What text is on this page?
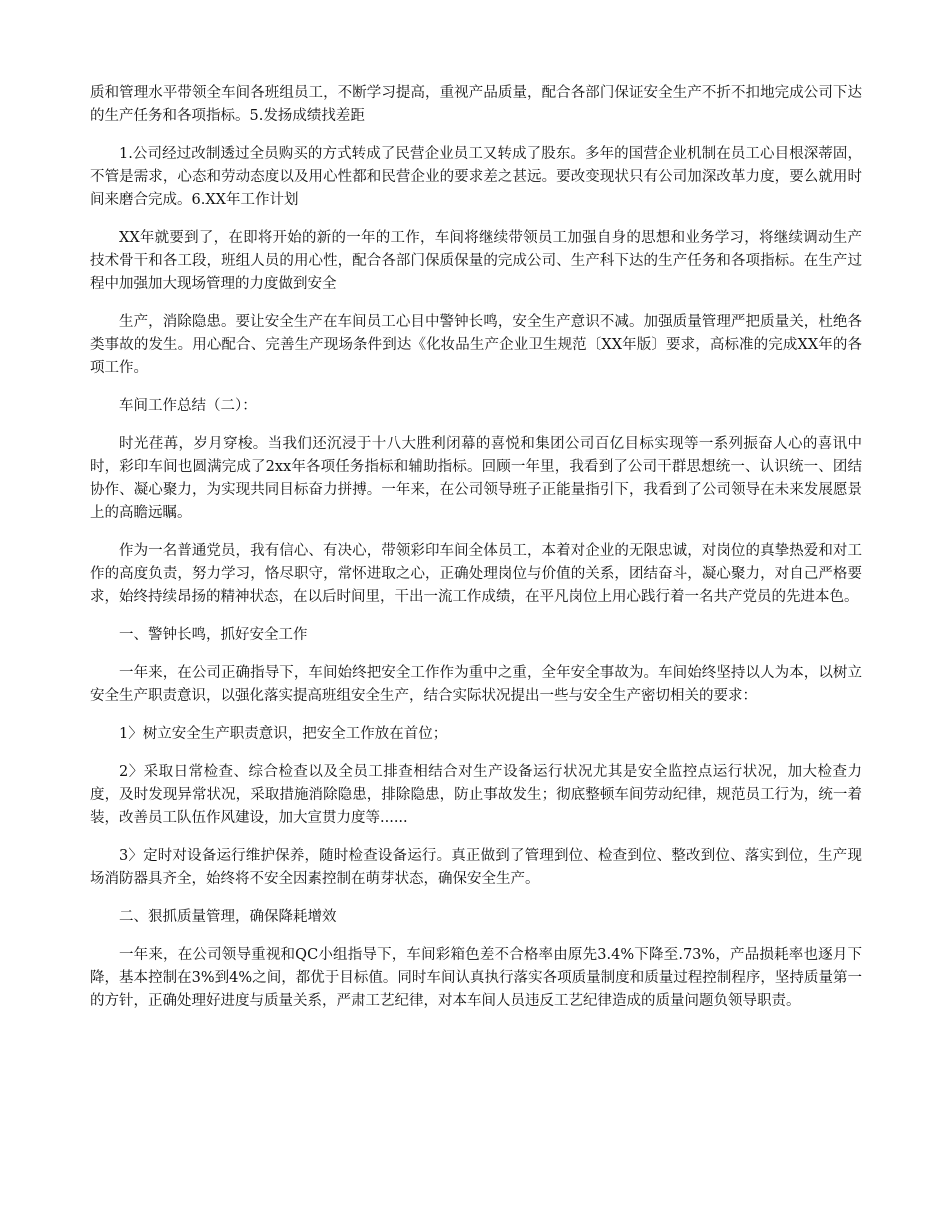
质和管理水平带领全车间各班组员工，不断学习提高，重视产品质量，配合各部门保证安全生产不折不扣地完成公司下达的生产任务和各项指标。5.发扬成绩找差距

1.公司经过改制透过全员购买的方式转成了民营企业员工又转成了股东。多年的国营企业机制在员工心目根深蒂固，不管是需求，心态和劳动态度以及用心性都和民营企业的要求差之甚远。要改变现状只有公司加深改革力度，要么就用时间来磨合完成。6.XX年工作计划

XX年就要到了，在即将开始的新的一年的工作，车间将继续带领员工加强自身的思想和业务学习，将继续调动生产技术骨干和各工段，班组人员的用心性，配合各部门保质保量的完成公司、生产科下达的生产任务和各项指标。在生产过程中加强加大现场管理的力度做到安全

生产，消除隐患。要让安全生产在车间员工心目中警钟长鸣，安全生产意识不减。加强质量管理严把质量关，杜绝各类事故的发生。用心配合、完善生产现场条件到达《化妆品生产企业卫生规范〔XX年版〕要求，高标准的完成XX年的各项工作。

车间工作总结（二）：

时光荏苒，岁月穿梭。当我们还沉浸于十八大胜利闭幕的喜悦和集团公司百亿目标实现等一系列振奋人心的喜讯中时，彩印车间也圆满完成了2xx年各项任务指标和辅助指标。回顾一年里，我看到了公司干群思想统一、认识统一、团结协作、凝心聚力，为实现共同目标奋力拼搏。一年来，在公司领导班子正能量指引下，我看到了公司领导在未来发展愿景上的高瞻远瞩。

作为一名普通党员，我有信心、有决心，带领彩印车间全体员工，本着对企业的无限忠诚，对岗位的真挚热爱和对工作的高度负责，努力学习，恪尽职守，常怀进取之心，正确处理岗位与价值的关系，团结奋斗，凝心聚力，对自己严格要求，始终持续昂扬的精神状态，在以后时间里，干出一流工作成绩，在平凡岗位上用心践行着一名共产党员的先进本色。

一、警钟长鸣，抓好安全工作

一年来，在公司正确指导下，车间始终把安全工作作为重中之重，全年安全事故为。车间始终坚持以人为本，以树立安全生产职责意识，以强化落实提高班组安全生产，结合实际状况提出一些与安全生产密切相关的要求：

1〉树立安全生产职责意识，把安全工作放在首位；

2〉采取日常检查、综合检查以及全员工排查相结合对生产设备运行状况尤其是安全监控点运行状况，加大检查力度，及时发现异常状况，采取措施消除隐患，排除隐患，防止事故发生；彻底整顿车间劳动纪律，规范员工行为，统一着装，改善员工队伍作风建设，加大宣贯力度等......

3〉定时对设备运行维护保养，随时检查设备运行。真正做到了管理到位、检查到位、整改到位、落实到位，生产现场消防器具齐全，始终将不安全因素控制在萌芽状态，确保安全生产。

二、狠抓质量管理，确保降耗增效

一年来，在公司领导重视和QC小组指导下，车间彩箱色差不合格率由原先3.4%下降至.73%，产品损耗率也逐月下降，基本控制在3%到4%之间，都优于目标值。同时车间认真执行落实各项质量制度和质量过程控制程序，坚持质量第一的方针，正确处理好进度与质量关系，严肃工艺纪律，对本车间人员违反工艺纪律造成的质量问题负领导职责。
